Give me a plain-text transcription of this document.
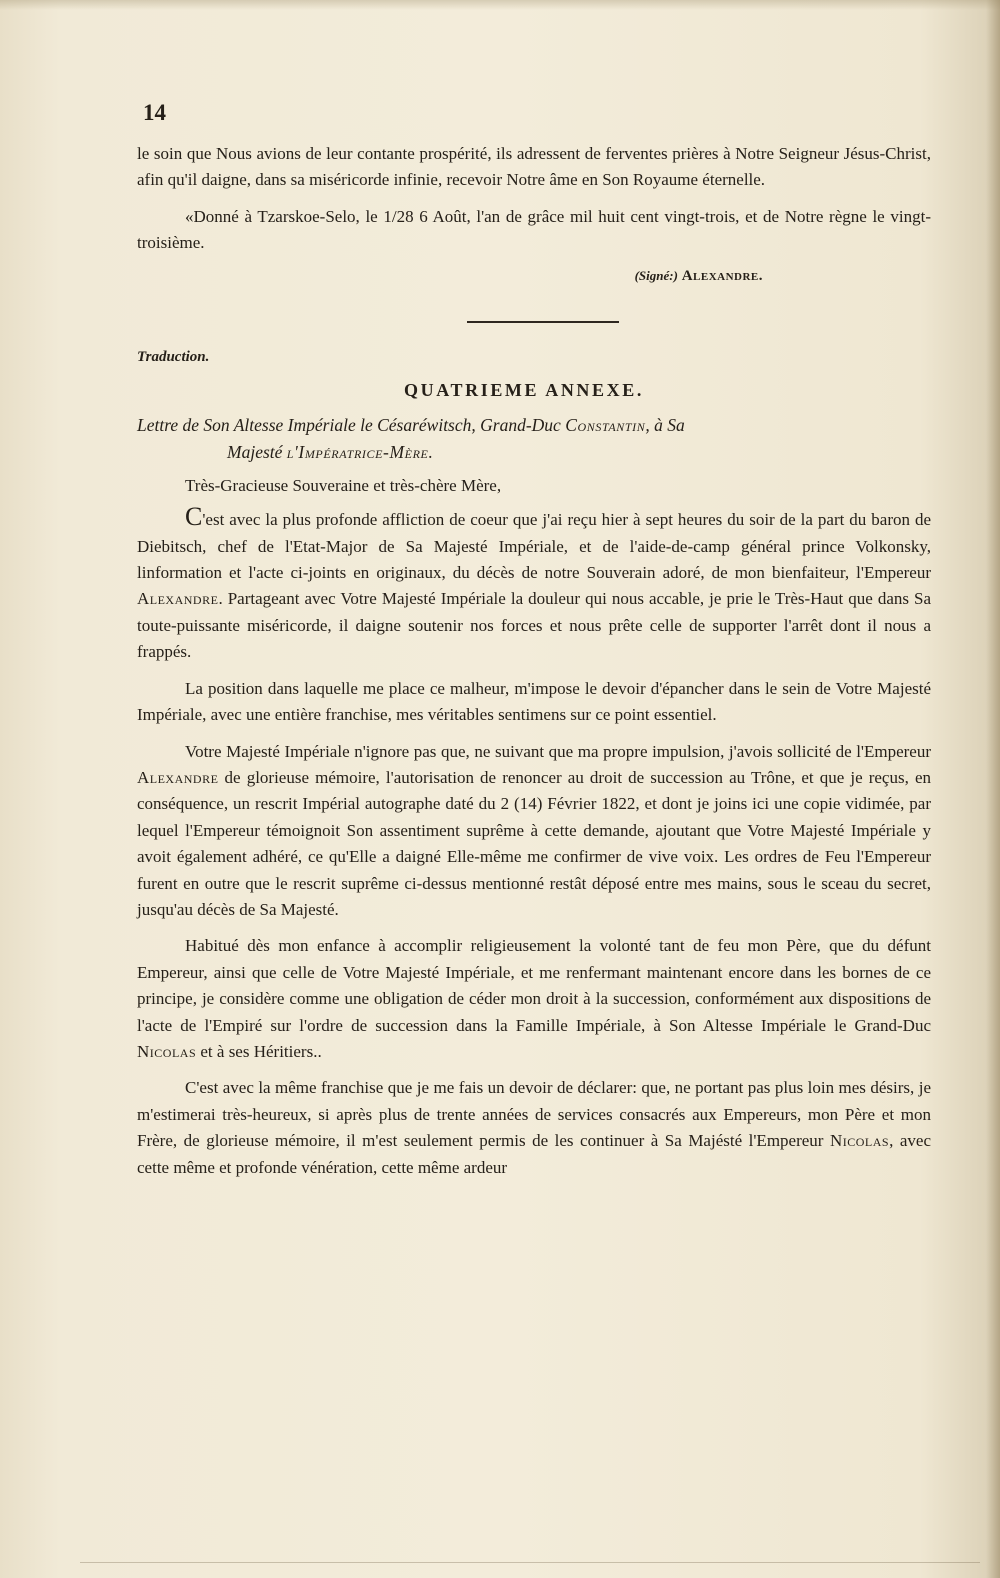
14

le soin que Nous avions de leur contante prospérité, ils adressent de ferventes prières à Notre Seigneur Jésus-Christ, afin qu'il daigne, dans sa miséricorde infinie, recevoir Notre âme en Son Royaume éternelle.

«Donné à Tzarskoe-Selo, le 1/28 6 Août, l'an de grâce mil huit cent vingt-trois, et de Notre règne le vingt-troisième.

(Signé:) Alexandre.

Traduction.

QUATRIEME ANNEXE.

Lettre de Son Altesse Impériale le Césaréwitsch, Grand-Duc Constantin, à Sa
Majesté l'Impératrice-Mère.

Très-Gracieuse Souveraine et très-chère Mère,

C'est avec la plus profonde affliction de coeur que j'ai reçu hier à sept heures du soir de la part du baron de Diebitsch, chef de l'Etat-Major de Sa Majesté Impériale, et de l'aide-de-camp général prince Volkonsky, linformation et l'acte ci-joints en originaux, du décès de notre Souverain adoré, de mon bienfaiteur, l'Empereur Alexandre. Partageant avec Votre Majesté Impériale la douleur qui nous accable, je prie le Très-Haut que dans Sa toute-puissante miséricorde, il daigne soutenir nos forces et nous prête celle de supporter l'arrêt dont il nous a frappés.

La position dans laquelle me place ce malheur, m'impose le devoir d'épancher dans le sein de Votre Majesté Impériale, avec une entière franchise, mes véritables sentimens sur ce point essentiel.

Votre Majesté Impériale n'ignore pas que, ne suivant que ma propre impulsion, j'avois sollicité de l'Empereur Alexandre de glorieuse mémoire, l'autorisation de renoncer au droit de succession au Trône, et que je reçus, en conséquence, un rescrit Impérial autographe daté du 2 (14) Février 1822, et dont je joins ici une copie vidimée, par lequel l'Empereur témoignoit Son assentiment suprême à cette demande, ajoutant que Votre Majesté Impériale y avoit également adhéré, ce qu'Elle a daigné Elle-même me confirmer de vive voix. Les ordres de Feu l'Empereur furent en outre que le rescrit suprême ci-dessus mentionné restât déposé entre mes mains, sous le sceau du secret, jusqu'au décès de Sa Majesté.

Habitué dès mon enfance à accomplir religieusement la volonté tant de feu mon Père, que du défunt Empereur, ainsi que celle de Votre Majesté Impériale, et me renfermant maintenant encore dans les bornes de ce principe, je considère comme une obligation de céder mon droit à la succession, conformément aux dispositions de l'acte de l'Empiré sur l'ordre de succession dans la Famille Impériale, à Son Altesse Impériale le Grand-Duc Nicolas et à ses Héritiers..

C'est avec la même franchise que je me fais un devoir de déclarer: que, ne portant pas plus loin mes désirs, je m'estimerai très-heureux, si après plus de trente années de services consacrés aux Empereurs, mon Père et mon Frère, de glorieuse mémoire, il m'est seulement permis de les continuer à Sa Majésté l'Empereur Nicolas, avec cette même et profonde vénération, cette même ardeur
